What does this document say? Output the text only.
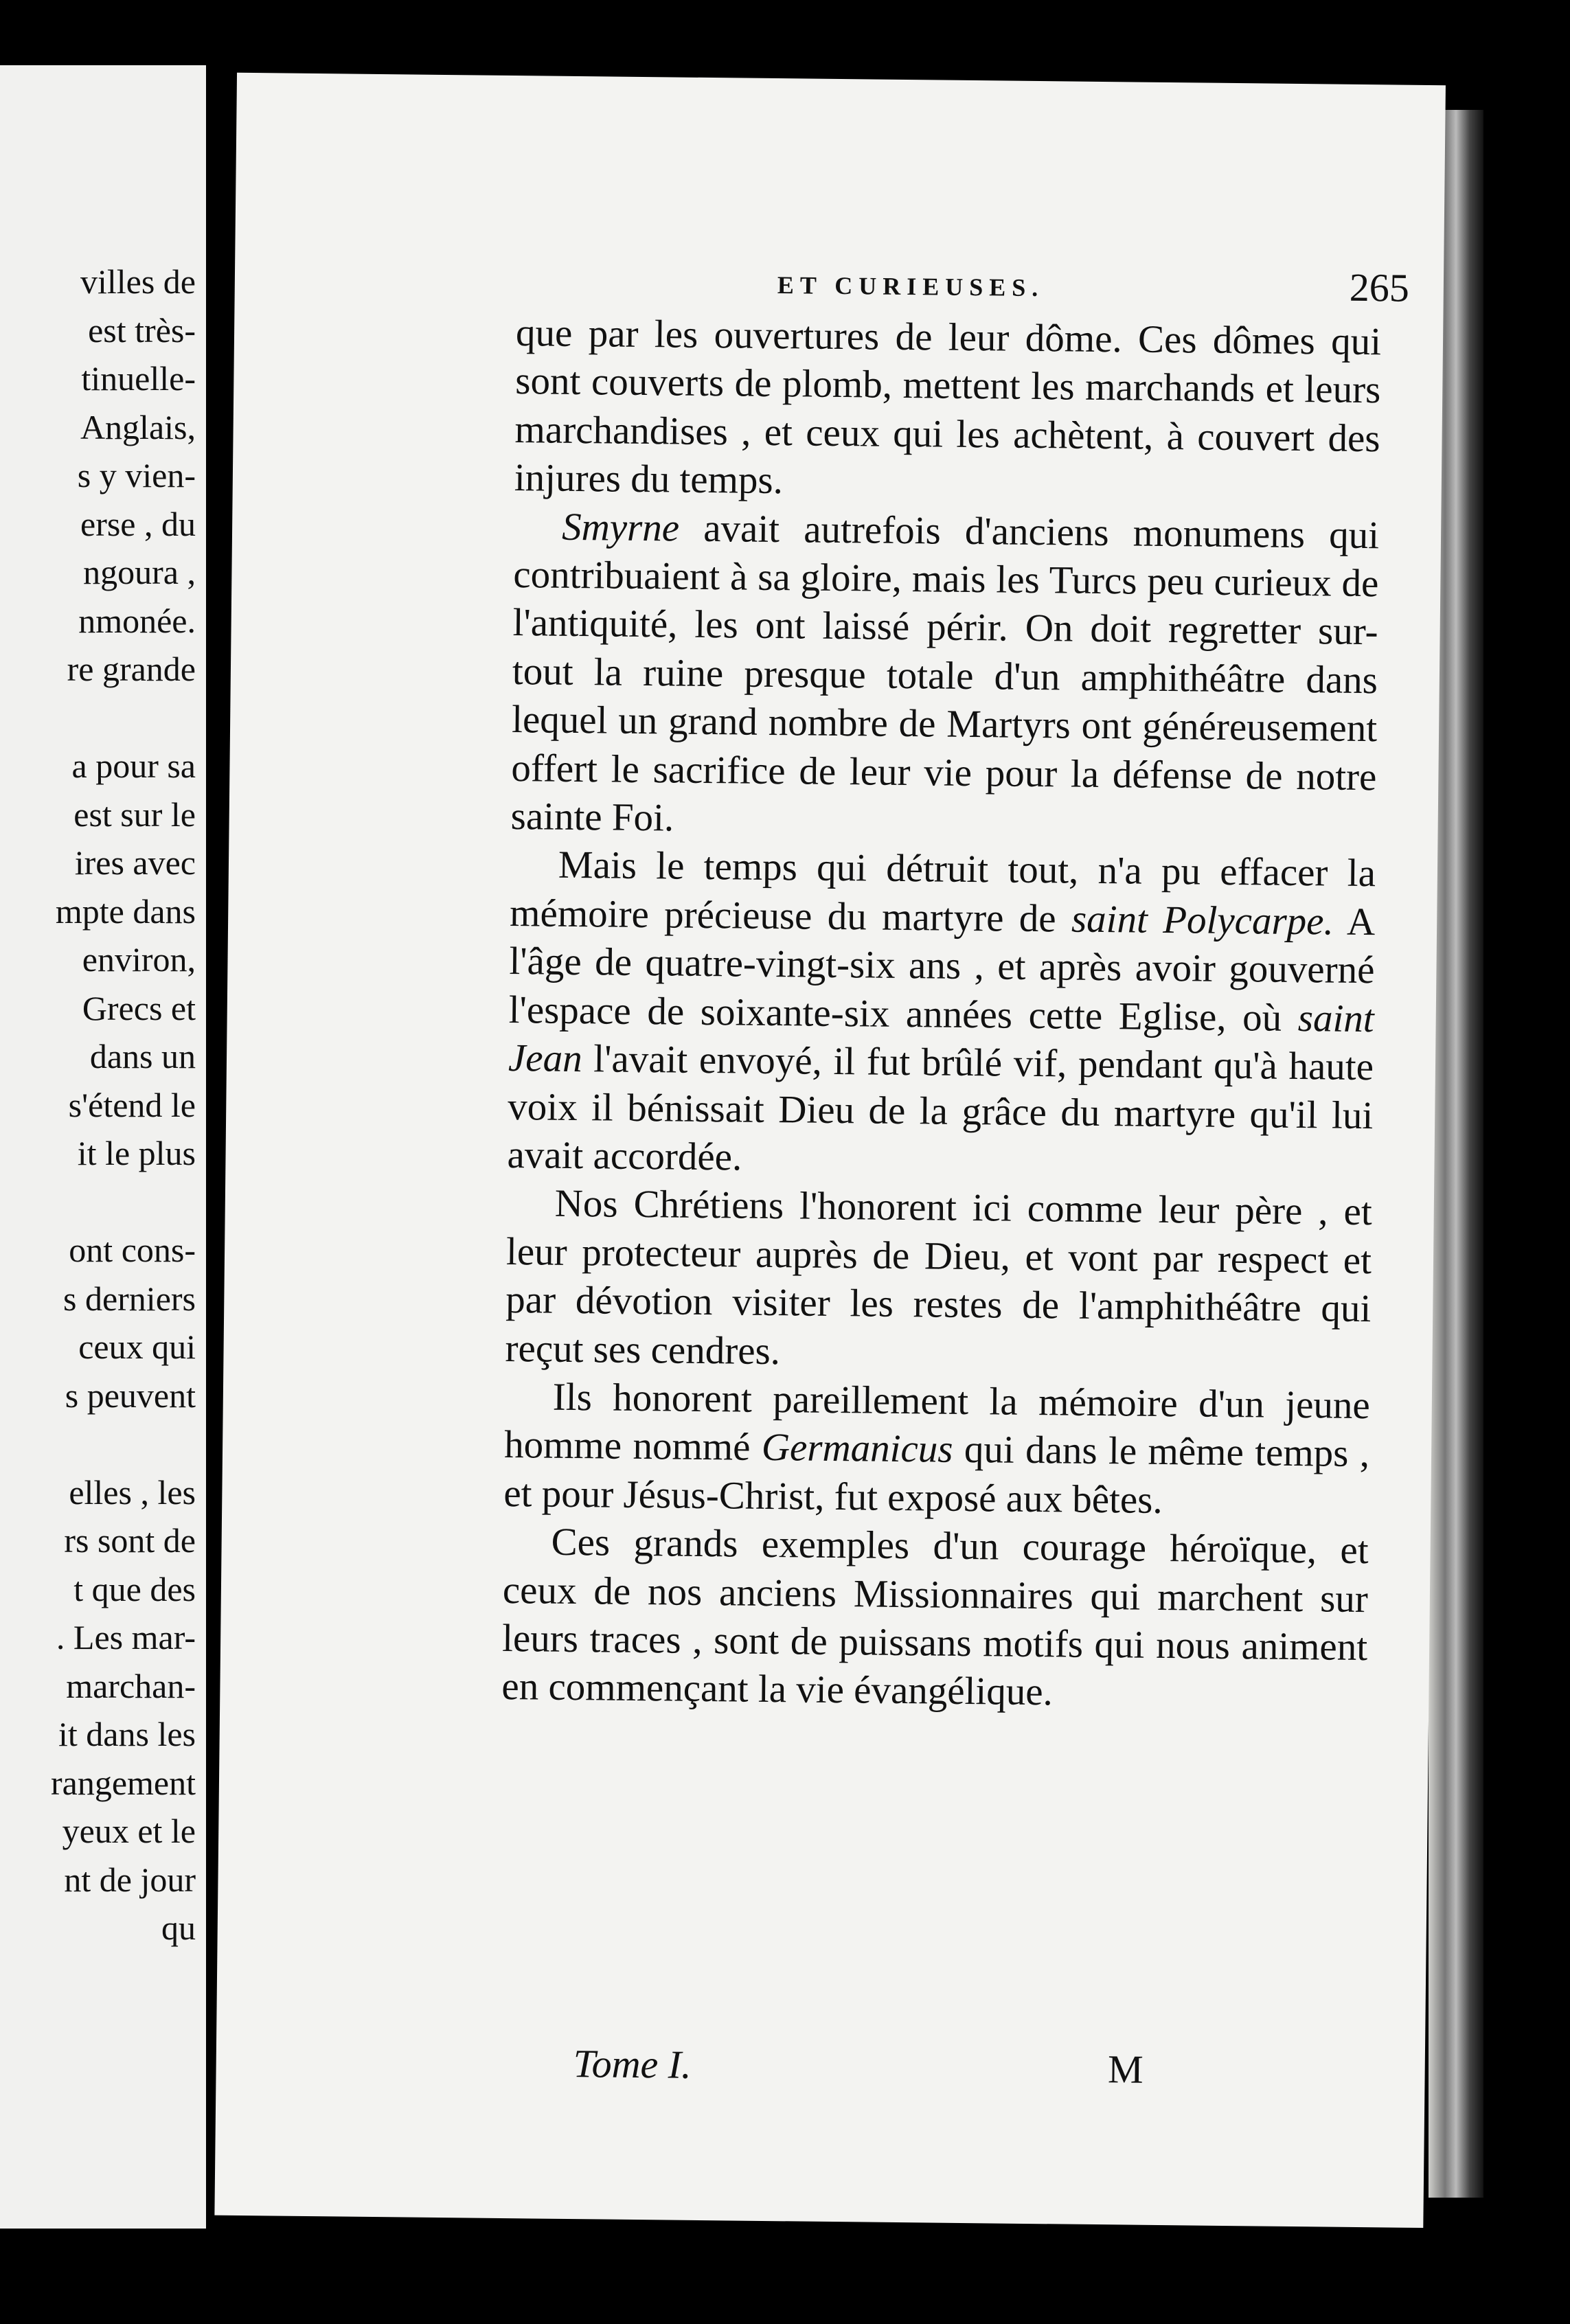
villes de
est très-
tinuelle-
Anglais,
s y vien-
erse , du
ngoura ,
nmonée.
re grande

a pour sa
est sur le
ires avec
mpte dans
environ,
Grecs et
dans un
s'étend le
it le plus

ont cons-
s derniers
ceux qui
s peuvent

elles , les
rs sont de
t que des
. Les mar-
marchan-
it dans les
rangement
yeux et le
nt de jour
qu
ET CURIEUSES.	265

que par les ouvertures de leur dôme. Ces dômes qui sont couverts de plomb, mettent les marchands et leurs marchandises , et ceux qui les achètent, à couvert des injures du temps.

Smyrne avait autrefois d'anciens monumens qui contribuaient à sa gloire, mais les Turcs peu curieux de l'antiquité, les ont laissé périr. On doit regretter sur-tout la ruine presque totale d'un amphithéâtre dans lequel un grand nombre de Martyrs ont généreusement offert le sacrifice de leur vie pour la défense de notre sainte Foi.

Mais le temps qui détruit tout, n'a pu effacer la mémoire précieuse du martyre de saint Polycarpe. A l'âge de quatre-vingt-six ans , et après avoir gouverné l'espace de soixante-six années cette Eglise, où saint Jean l'avait envoyé, il fut brûlé vif, pendant qu'à haute voix il bénissait Dieu de la grâce du martyre qu'il lui avait accordée.

Nos Chrétiens l'honorent ici comme leur père , et leur protecteur auprès de Dieu, et vont par respect et par dévotion visiter les restes de l'amphithéâtre qui reçut ses cendres.

Ils honorent pareillement la mémoire d'un jeune homme nommé Germanicus qui dans le même temps , et pour Jésus-Christ, fut exposé aux bêtes.

Ces grands exemples d'un courage héroïque, et ceux de nos anciens Missionnaires qui marchent sur leurs traces , sont de puissans motifs qui nous animent en commençant la vie évangélique.

Tome I.	M
